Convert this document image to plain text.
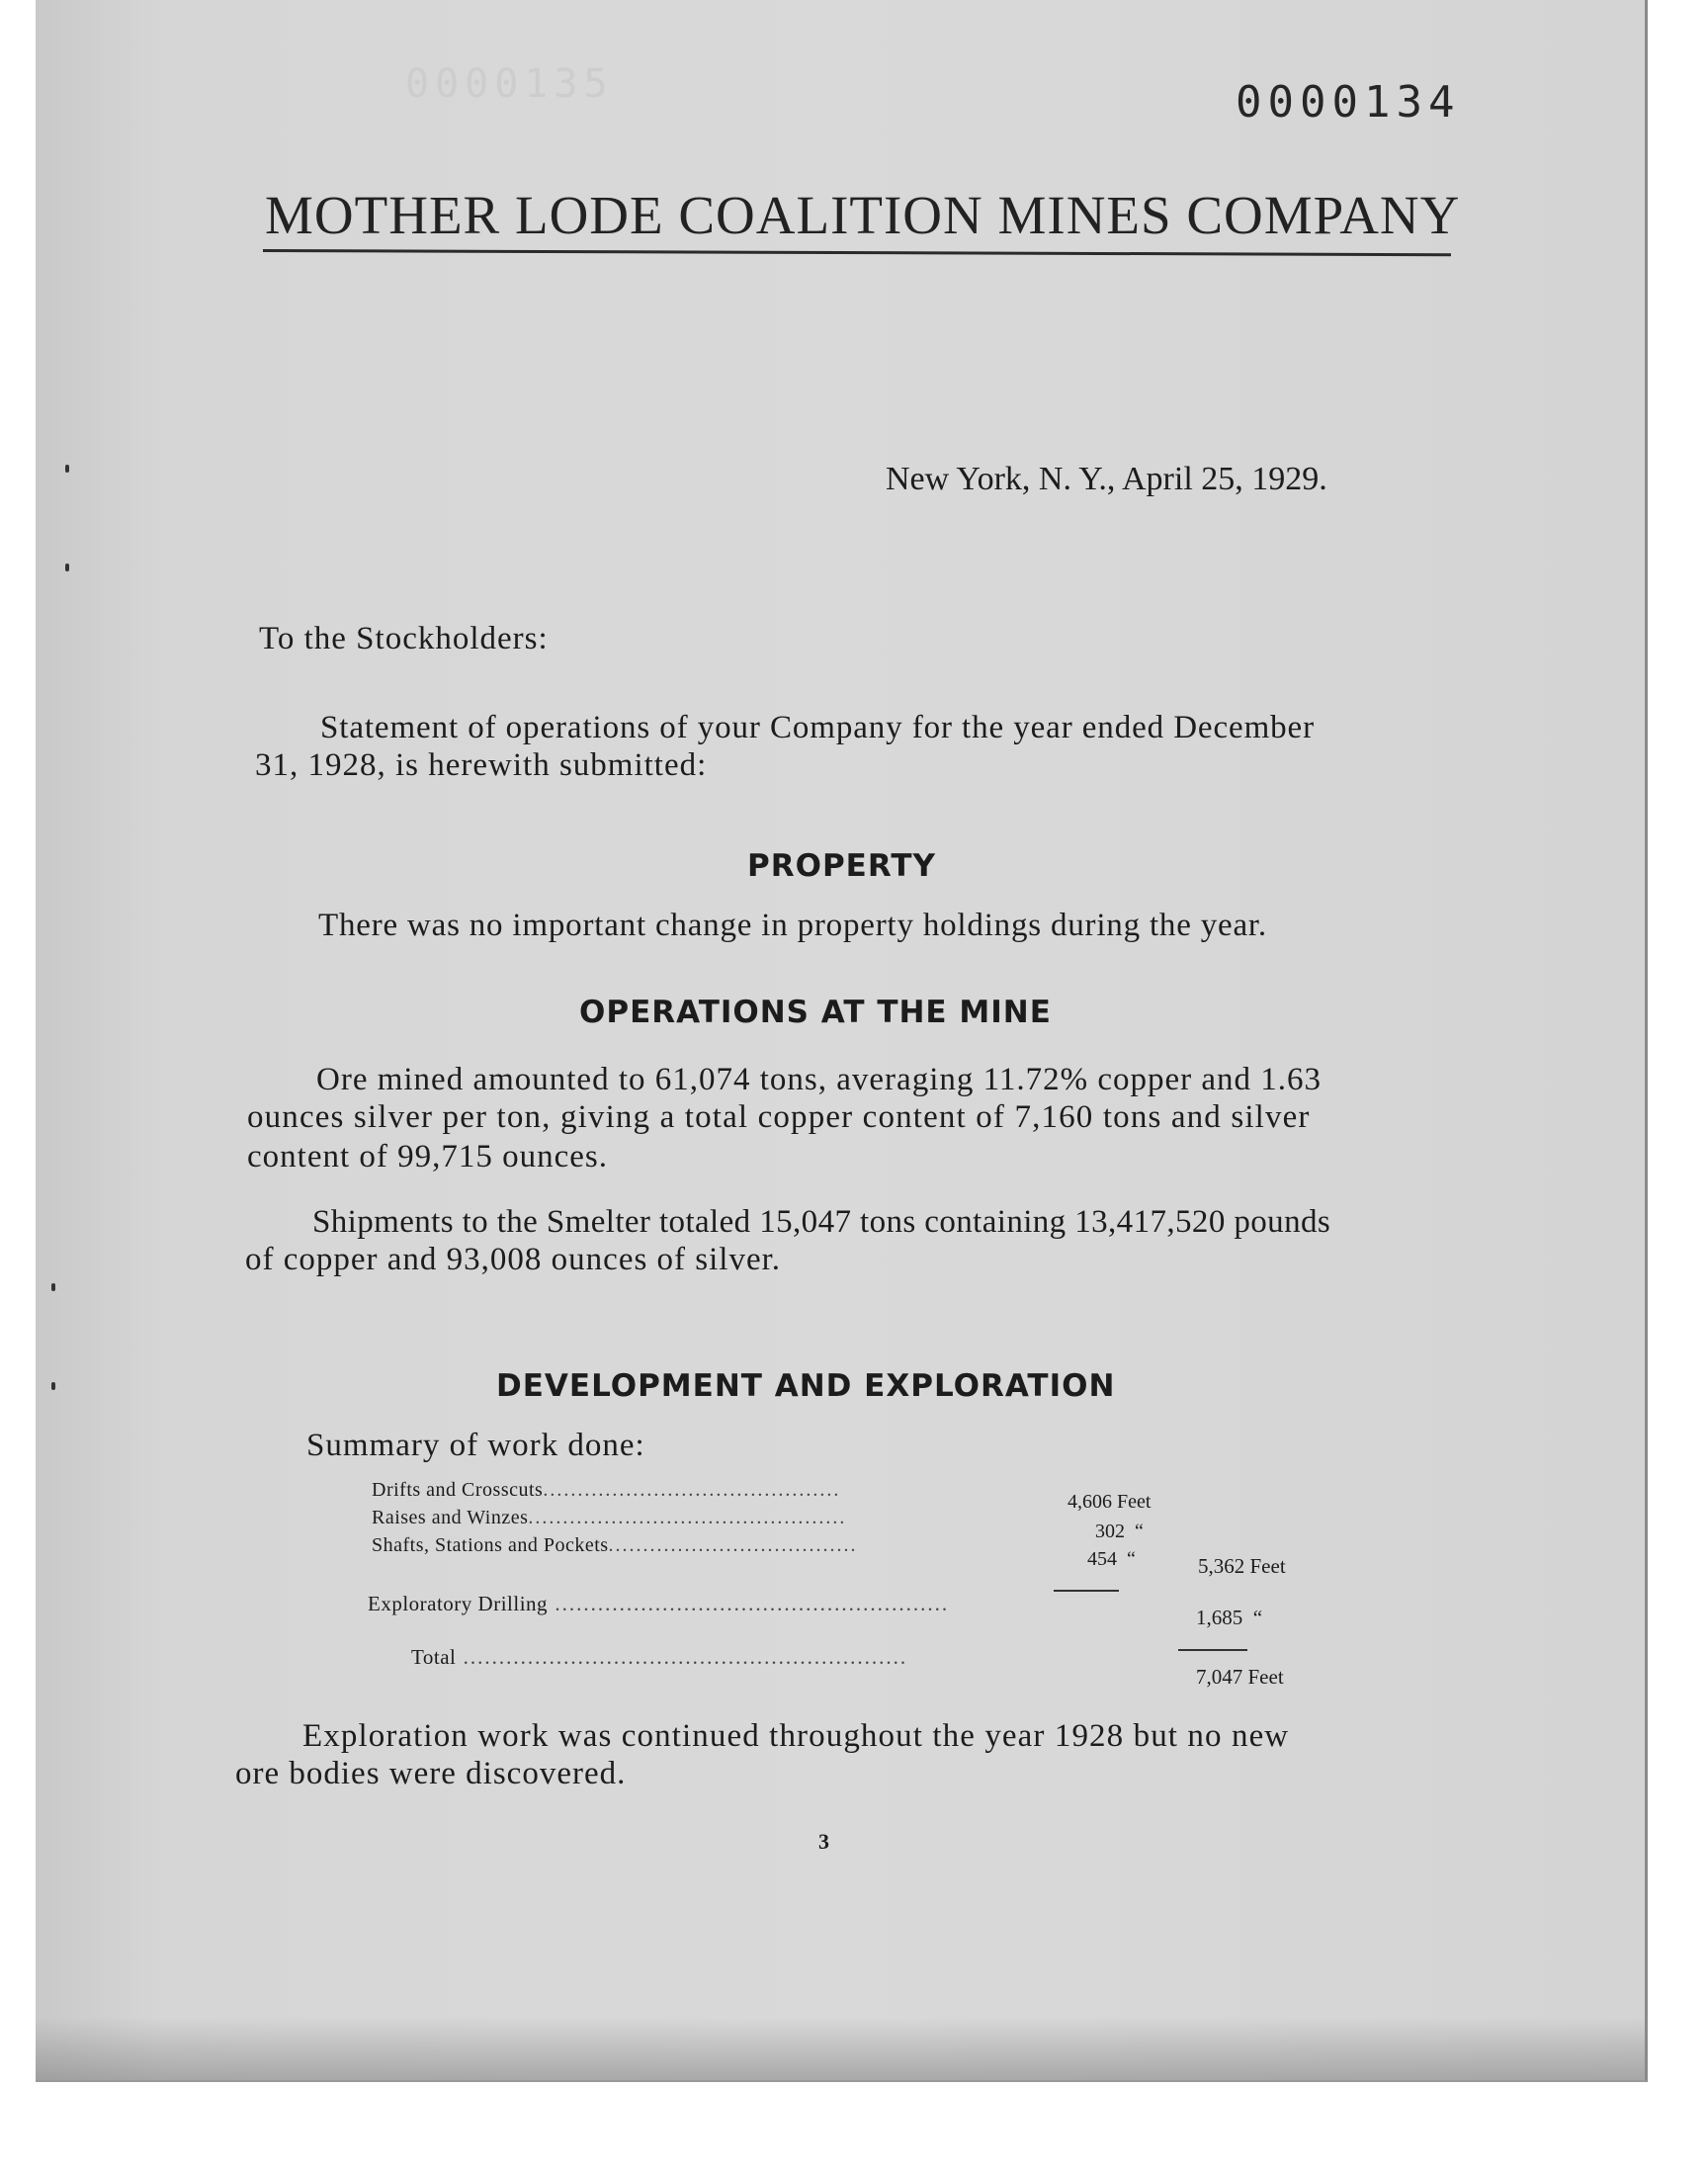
0000135	0000134
MOTHER LODE COALITION MINES COMPANY
New York, N. Y., April 25, 1929.
To the Stockholders:
Statement of operations of your Company for the year ended December
31, 1928, is herewith submitted:
PROPERTY
There was no important change in property holdings during the year.
OPERATIONS AT THE MINE
Ore mined amounted to 61,074 tons, averaging 11.72% copper and 1.63
ounces silver per ton, giving a total copper content of 7,160 tons and silver
content of 99,715 ounces.
Shipments to the Smelter totaled 15,047 tons containing 13,417,520 pounds
of copper and 93,008 ounces of silver.
DEVELOPMENT AND EXPLORATION
Summary of work done:
Drifts and Crosscuts...........................................
4,606 Feet
Raises and Winzes..............................................
302  “
Shafts, Stations and Pockets....................................
454  “	5,362 Feet
Exploratory Drilling .......................................................
1,685  “
Total ..............................................................
7,047 Feet
Exploration work was continued throughout the year 1928 but no new
ore bodies were discovered.
3
